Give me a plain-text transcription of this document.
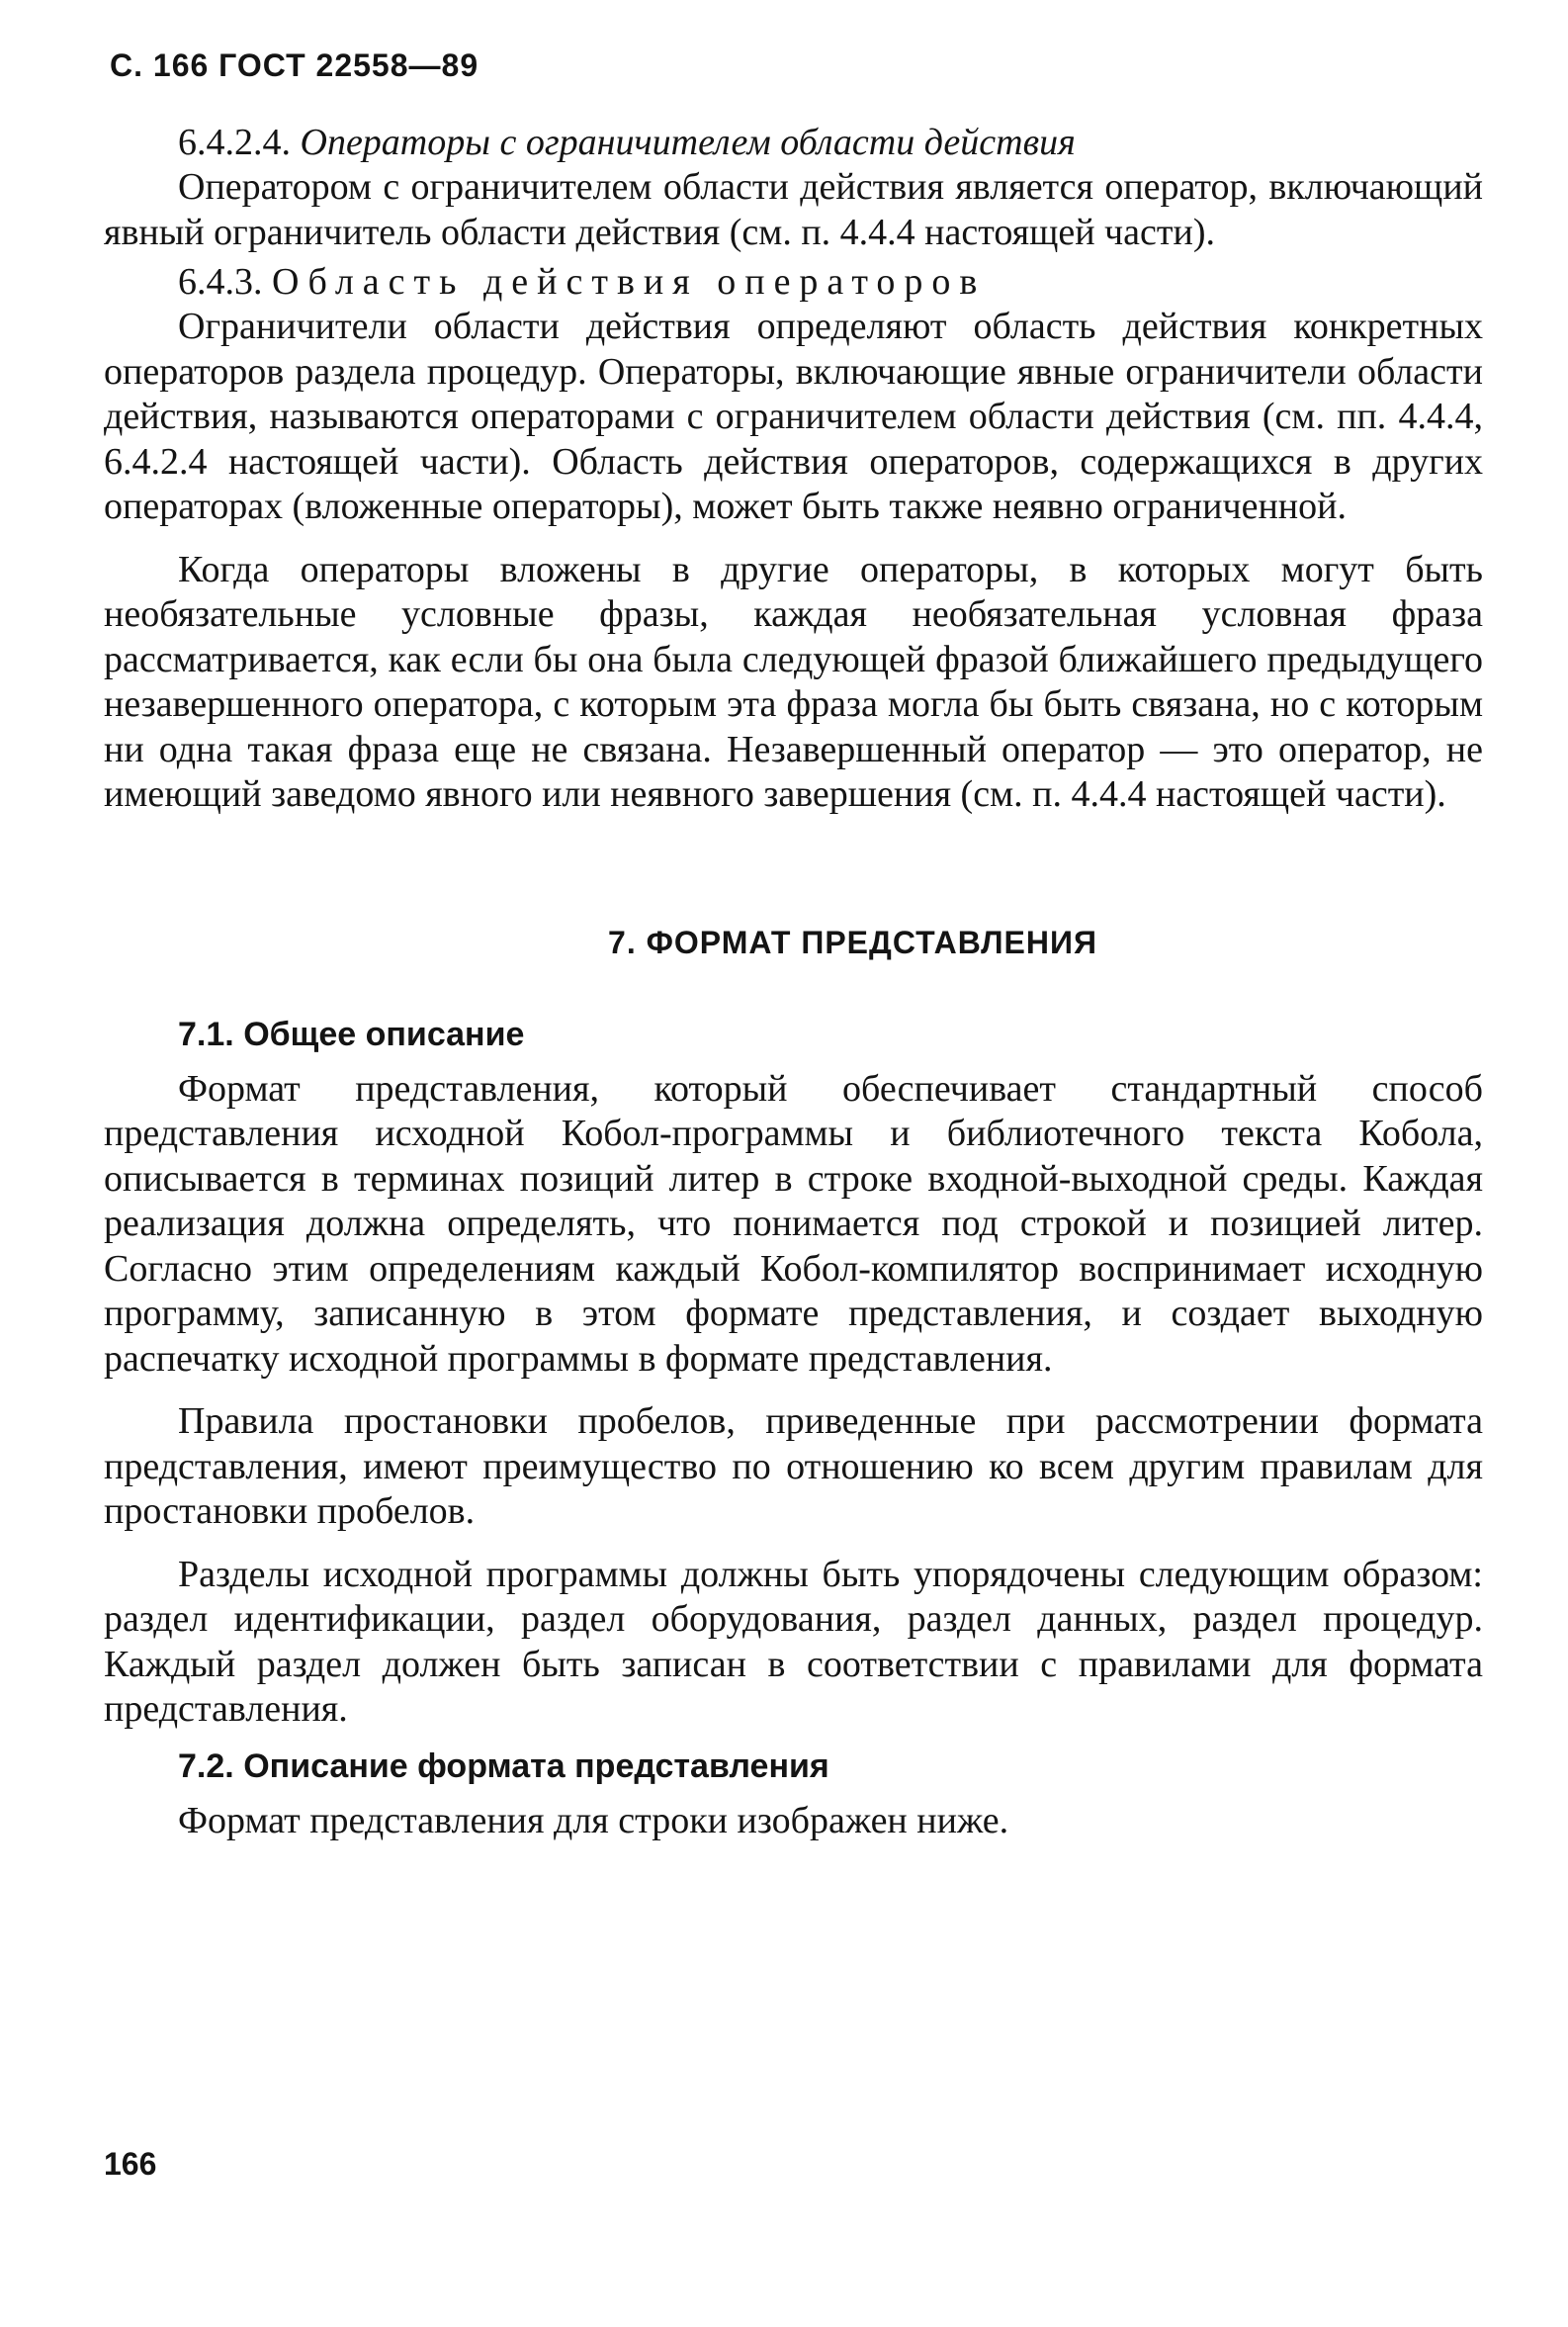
С. 166 ГОСТ 22558—89

6.4.2.4. Операторы с ограничителем области действия

Оператором с ограничителем области действия является оператор, включающий явный ограничитель области действия (см. п. 4.4.4 настоящей части).

6.4.3. Область действия операторов

Ограничители области действия определяют область действия конкретных операторов раздела процедур. Операторы, включающие явные ограничители области действия, называются операторами с ограничителем области действия (см. пп. 4.4.4, 6.4.2.4 настоящей части). Область действия операторов, содержащихся в других операторах (вложенные операторы), может быть также неявно ограниченной.

Когда операторы вложены в другие операторы, в которых могут быть необязательные условные фразы, каждая необязательная условная фраза рассматривается, как если бы она была следующей фразой ближайшего предыдущего незавершенного оператора, с которым эта фраза могла бы быть связана, но с которым ни одна такая фраза еще не связана. Незавершенный оператор — это оператор, не имеющий заведомо явного или неявного завершения (см. п. 4.4.4 настоящей части).

7. ФОРМАТ ПРЕДСТАВЛЕНИЯ

7.1. Общее описание

Формат представления, который обеспечивает стандартный способ представления исходной Кобол-программы и библиотечного текста Кобола, описывается в терминах позиций литер в строке входной-выходной среды. Каждая реализация должна определять, что понимается под строкой и позицией литер. Согласно этим определениям каждый Кобол-компилятор воспринимает исходную программу, записанную в этом формате представления, и создает выходную распечатку исходной программы в формате представления.

Правила простановки пробелов, приведенные при рассмотрении формата представления, имеют преимущество по отношению ко всем другим правилам для простановки пробелов.

Разделы исходной программы должны быть упорядочены следующим образом: раздел идентификации, раздел оборудования, раздел данных, раздел процедур. Каждый раздел должен быть записан в соответствии с правилами для формата представления.

7.2. Описание формата представления

Формат представления для строки изображен ниже.

166
